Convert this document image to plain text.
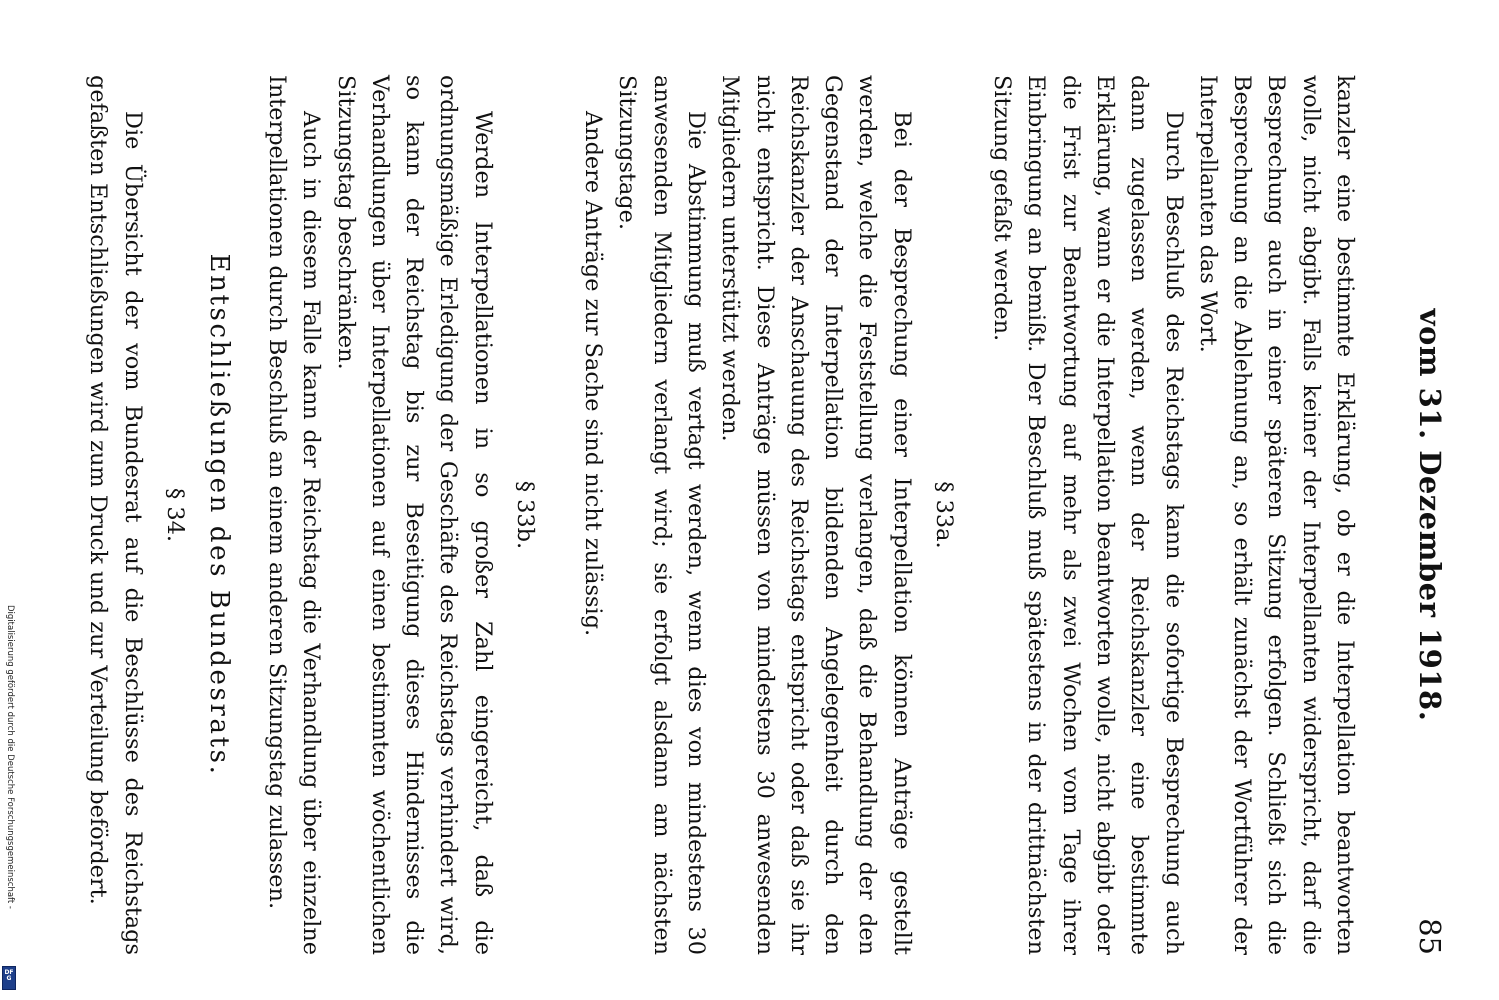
vom 31. Dezember 1918.
85

kanzler eine bestimmte Erklärung, ob er die Interpellation beantworten wolle, nicht abgibt. Falls keiner der Interpellanten widerspricht, darf die Besprechung auch in einer späteren Sitzung erfolgen. Schließt sich die Besprechung an die Ablehnung an, so erhält zunächst der Wortführer der Interpellanten das Wort.

Durch Beschluß des Reichstags kann die sofortige Besprechung auch dann zugelassen werden, wenn der Reichskanzler eine bestimmte Erklärung, wann er die Interpellation beantworten wolle, nicht abgibt oder die Frist zur Beantwortung auf mehr als zwei Wochen vom Tage ihrer Einbringung an bemißt. Der Beschluß muß spätestens in der drittnächsten Sitzung gefaßt werden.

§ 33a.

Bei der Besprechung einer Interpellation können Anträge gestellt werden, welche die Feststellung verlangen, daß die Behandlung der den Gegenstand der Interpellation bildenden Angelegenheit durch den Reichskanzler der Anschauung des Reichstags entspricht oder daß sie ihr nicht entspricht. Diese Anträge müssen von mindestens 30 anwesenden Mitgliedern unterstützt werden.

Die Abstimmung muß vertagt werden, wenn dies von mindestens 30 anwesenden Mitgliedern verlangt wird; sie erfolgt alsdann am nächsten Sitzungstage.

Andere Anträge zur Sache sind nicht zulässig.

§ 33b.

Werden Interpellationen in so großer Zahl eingereicht, daß die ordnungsmäßige Erledigung der Geschäfte des Reichstags verhindert wird, so kann der Reichstag bis zur Beseitigung dieses Hindernisses die Verhandlungen über Interpellationen auf einen bestimmten wöchentlichen Sitzungstag beschränken.

Auch in diesem Falle kann der Reichstag die Verhandlung über einzelne Interpellationen durch Beschluß an einem anderen Sitzungstag zulassen.

Entschließungen des Bundesrats.
§ 34.

Die Übersicht der vom Bundesrat auf die Beschlüsse des Reichstags gefaßten Entschließungen wird zum Druck und zur Verteilung befördert.

Digitalisierung gefördert durch die Deutsche Forschungsgemeinschaft -
DFG
